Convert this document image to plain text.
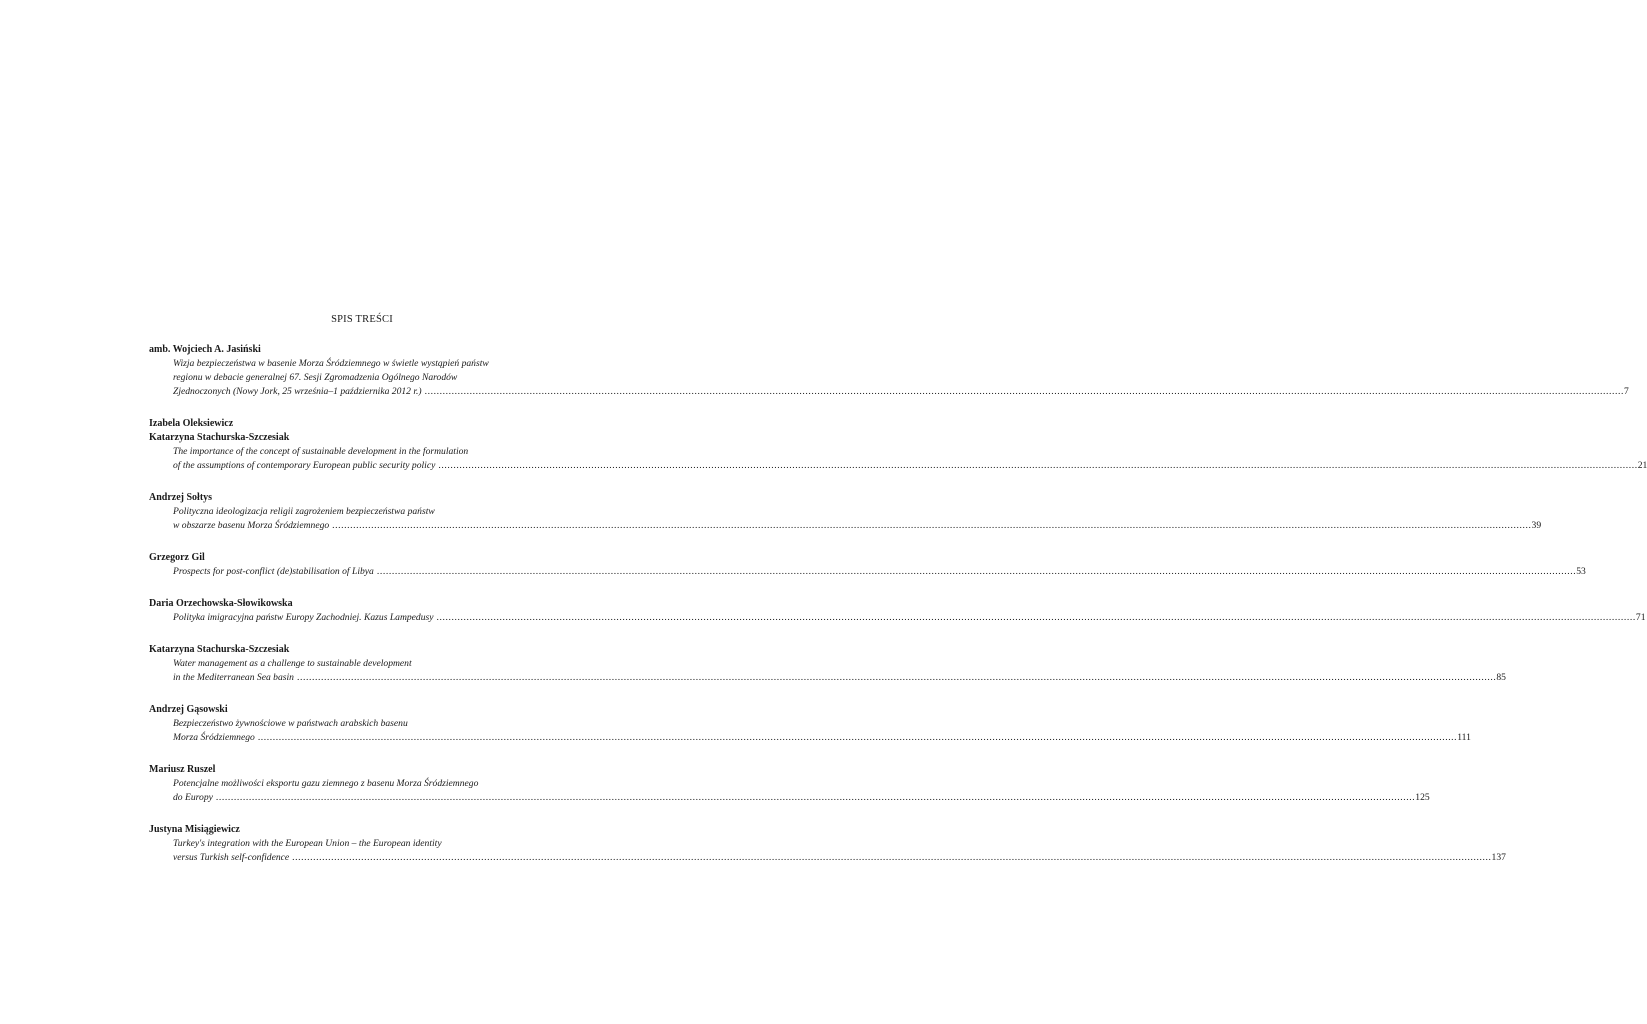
SPIS TREŚCI
amb. Wojciech A. Jasiński
Wizja bezpieczeństwa w basenie Morza Śródziemnego w świetle wystąpień państw
regionu w debacie generalnej 67. Sesji Zgromadzenia Ogólnego Narodów
Zjednoczonych (Nowy Jork, 25 września–1 października 2012 r.) ................................................................................................................................................................................................................................................................................................................................................................................................................ 7
Izabela Oleksiewicz
Katarzyna Stachurska-Szczesiak
The importance of the concept of sustainable development in the formulation
of the assumptions of contemporary European public security policy ................................................................................................................................................................................................................................................................................................................................................................................................................ 21
Andrzej Sołtys
Polityczna ideologizacja religii zagrożeniem bezpieczeństwa państw
w obszarze basenu Morza Śródziemnego ................................................................................................................................................................................................................................................................................................................................................................................................................ 39
Grzegorz Gil
Prospects for post-conflict (de)stabilisation of Libya ................................................................................................................................................................................................................................................................................................................................................................................................................ 53
Daria Orzechowska-Słowikowska
Polityka imigracyjna państw Europy Zachodniej. Kazus Lampedusy ................................................................................................................................................................................................................................................................................................................................................................................................................ 71
Katarzyna Stachurska-Szczesiak
Water management as a challenge to sustainable development
in the Mediterranean Sea basin ................................................................................................................................................................................................................................................................................................................................................................................................................ 85
Andrzej Gąsowski
Bezpieczeństwo żywnościowe w państwach arabskich basenu
Morza Śródziemnego ................................................................................................................................................................................................................................................................................................................................................................................................................ 111
Mariusz Ruszel
Potencjalne możliwości eksportu gazu ziemnego z basenu Morza Śródziemnego
do Europy ................................................................................................................................................................................................................................................................................................................................................................................................................ 125
Justyna Misiągiewicz
Turkey's integration with the European Union – the European identity
versus Turkish self-confidence ................................................................................................................................................................................................................................................................................................................................................................................................................ 137
